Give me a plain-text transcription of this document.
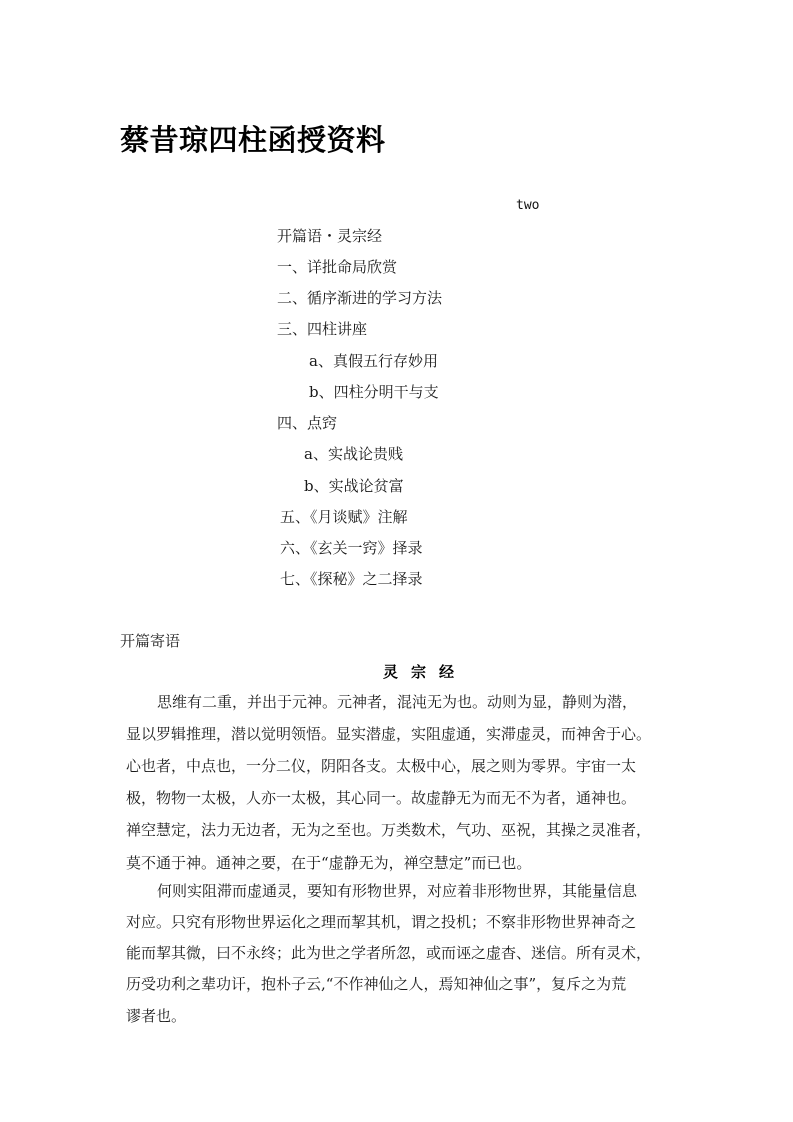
蔡昔琼四柱函授资料
two
开篇语・灵宗经
一、详批命局欣赏
二、循序渐进的学习方法
三、四柱讲座
a、真假五行存妙用
b、四柱分明干与支
四、点窍
a、实战论贵贱
b、实战论贫富
五、《月谈赋》注解
六、《玄关一窍》择录
七、《探秘》之二择录
开篇寄语
灵宗经
思维有二重，并出于元神。元神者，混沌无为也。动则为显，静则为潜，
显以罗辑推理，潜以觉明领悟。显实潜虚，实阻虚通，实滞虚灵，而神舍于心。
心也者，中点也，一分二仪，阴阳各支。太极中心，展之则为零界。宇宙一太
极，物物一太极，人亦一太极，其心同一。故虚静无为而无不为者，通神也。
禅空慧定，法力无边者，无为之至也。万类数术，气功、巫祝，其操之灵准者，
莫不通于神。通神之要，在于“虚静无为，禅空慧定”而已也。
何则实阻滞而虚通灵，要知有形物世界，对应着非形物世界，其能量信息
对应。只究有形物世界运化之理而挈其机，谓之投机；不察非形物世界神奇之
能而挈其微，曰不永终；此为世之学者所忽，或而诬之虚杳、迷信。所有灵术，
历受功利之辈功讦，抱朴子云,“不作神仙之人，焉知神仙之事”，复斥之为荒
谬者也。
